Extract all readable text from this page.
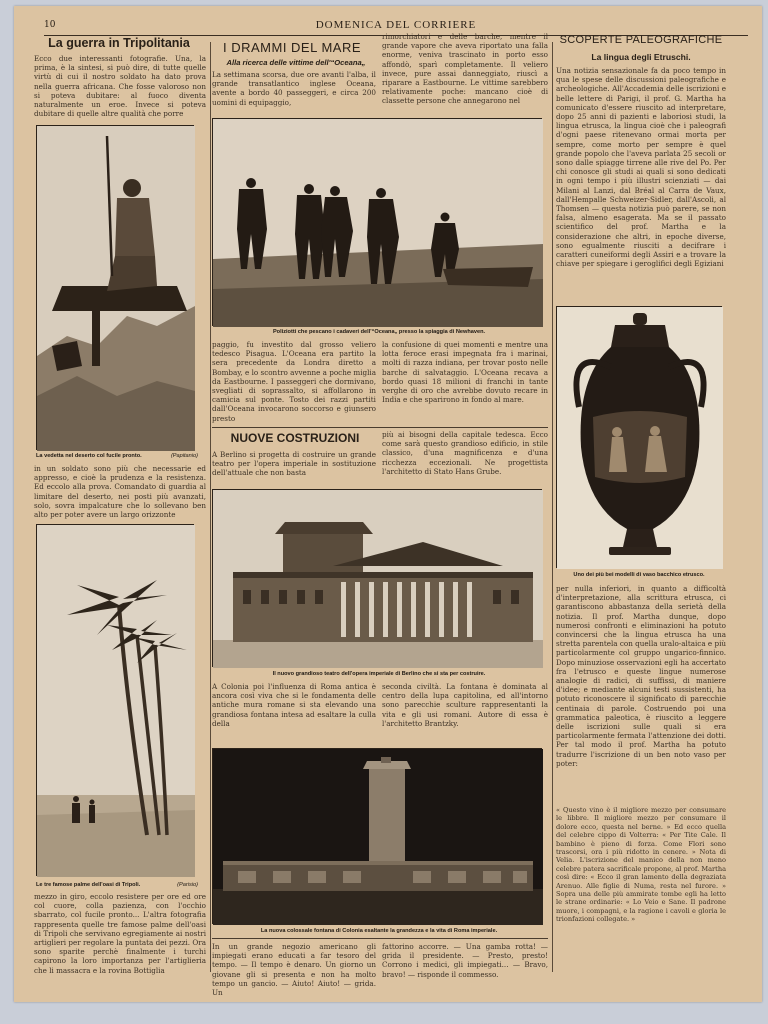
10	DOMENICA DEL CORRIERE
La guerra in Tripolitania
Ecco due interessanti fotografie. Una, la prima, è la sintesi, si può dire, di tutte quelle virtù di cui il nostro soldato ha dato prova nella guerra africana. Che fosse valoroso non si poteva dubitare: al fuoco diventa naturalmente un eroe. Invece si poteva dubitare di quelle altre qualità che porre
La vedetta nel deserto col fucile pronto.	(Papitanio)
in un soldato sono più che necessarie ed appresso, e cioè la prudenza e la resistenza. Ed eccolo alla prova. Comandato di guardia al limitare del deserto, nei posti più avanzati, solo, sovra impalcature che lo sollevano ben alto per poter avere un largo orizzonte
Le tre famose palme dell'oasi di Tripoli.	(Parisio)
mezzo in giro, eccolo resistere per ore ed ore col cuore, colla pazienza, con l'occhio sbarrato, col fucile pronto... L'altra fotografia rappresenta quelle tre famose palme dell'oasi di Tripoli che servivano egregiamente ai nostri artiglieri per regolare la puntata dei pezzi. Ora sono sparite perchè finalmente i turchi capirono la loro importanza per l'artiglieria che li massacra e la rovina Bottiglia
I DRAMMI DEL MARE
Alla ricerca delle vittime dell'“Oceana„
La settimana scorsa, due ore avanti l'alba, il grande transatlantico inglese Oceana, avente a bordo 40 passeggeri, e circa 200 uomini di equipaggio,
rimorchiatori e delle barche, mentre il grande vapore che aveva riportato una falla enorme, veniva trascinato in porto esso affondò, sparì completamente. Il veliero invece, pure assai danneggiato, riuscì a riparare a Eastbourne. Le vittime sarebbero relativamente poche: mancano cioè di classette persone che annegarono nel
Poliziotti che pescano i cadaveri dell'“Oceana„ presso la spiaggia di Newhaven.
paggio, fu investito dal grosso veliero tedesco Pisagua. L'Oceana era partito la sera precedente da Londra diretto a Bombay, e lo scontro avvenne a poche miglia da Eastbourne. I passeggeri che dormivano, svegliati di soprassalto, si affollarono in camicia sul ponte. Tosto dei razzi partiti dall'Oceana invocarono soccorso e giunsero presto
la confusione di quei momenti e mentre una lotta feroce erasi impegnata fra i marinai, molti di razza indiana, per trovar posto nelle barche di salvataggio. L'Oceana recava a bordo quasi 18 milioni di franchi in tante verghe di oro che avrebbe dovuto recare in India e che sparirono in fondo al mare.
NUOVE COSTRUZIONI
A Berlino si progetta di costruire un grande teatro per l'opera imperiale in sostituzione dell'attuale che non basta
più ai bisogni della capitale tedesca. Ecco come sarà questo grandioso edificio, in stile classico, d'una magnificenza e d'una ricchezza eccezionali. Ne progettista l'architetto di Stato Hans Grube.
Il nuovo grandioso teatro dell'opera imperiale di Berlino che si sta per costruire.
A Colonia poi l'influenza di Roma antica è ancora così viva che si le fondamenta delle antiche mura romane si sta elevando una grandiosa fontana intesa ad esaltare la culla della
seconda civiltà. La fontana è dominata al centro della lupa capitolina, ed all'intorno sono parecchie sculture rappresentanti la vita e gli usi romani. Autore di essa è l'architetto Brantzky.
La nuova colossale fontana di Colonia esaltante la grandezza e la vita di Roma imperiale.
In un grande negozio americano gli impiegati erano educati a far tesoro del tempo. — Il tempo è denaro. Un giorno un giovane gli si presenta e non ha molto tempo un gancio. — Aiuto! Aiuto! — grida. Un
fattorino accorre. — Una gamba rotta! — grida il presidente. — Presto, presto! Corrono i medici, gli impiegati... — Bravo, bravo! — risponde il commesso.
SCOPERTE PALEOGRAFICHE
La lingua degli Etruschi.
Una notizia sensazionale fa da poco tempo in qua le spese delle discussioni paleografiche e archeologiche. All'Accademia delle iscrizioni e belle lettere di Parigi, il prof. G. Martha ha comunicato d'essere riuscito ad interpretare, dopo 25 anni di pazienti e laboriosi studi, la lingua etrusca, la lingua cioè che i paleografi d'ogni paese ritenevano ormai morta per sempre, come morto per sempre è quel grande popolo che l'aveva parlata 25 secoli or sono dalle spiagge tirrene alle rive del Po. Per chi conosce gli studi ai quali si sono dedicati in ogni tempo i più illustri scienziati — dai Milani al Lanzi, dal Bréal al Carra de Vaux, dall'Hempalle Schweizer-Sidler, dall'Ascoli, al Thomsen — questa notizia può parere, se non falsa, almeno esagerata. Ma se il passato scientifico del prof. Martha e la considerazione che altri, in epoche diverse, sono egualmente riusciti a decifrare i caratteri cuneiformi degli Assiri e a trovare la chiave per spiegare i geroglifici degli Egiziani
Uno dei più bei modelli di vaso bacchico etrusco.
per nulla inferiori, in quanto a difficoltà d'interpretazione, alla scrittura etrusca, ci garantiscono abbastanza della serietà della notizia. Il prof. Martha dunque, dopo numerosi confronti e eliminazioni ha potuto convincersi che la lingua etrusca ha una stretta parentela con quella uralo-altaica e più particolarmente col gruppo ungarico-finnico. Dopo minuziose osservazioni egli ha accertato fra l'etrusco e queste lingue numerose analogie di radici, di suffissi, di maniere d'idee; e mediante alcuni testi sussistenti, ha potuto riconoscere il significato di parecchie centinaia di parole. Costruendo poi una grammatica paleotica, è riuscito a leggere delle iscrizioni sulle quali si era particolarmente fermata l'attenzione dei dotti. Per tal modo il prof. Martha ha potuto tradurre l'iscrizione di un ben noto vaso per poter:
« Questo vino è il migliore mezzo per consumare le libbre. Il migliore mezzo per consumare il dolore ecco, questa nel berne. » Ed ecco quella del celebre cippo di Volterra: « Per Tite Cale. Il bambino è pieno di forza. Come Flori sono trascorsi, ora i più ridotto in cenere. » Nota di Velia. L'iscrizione del manico della non meno celebre patera sacrificale propone, al prof. Martha così dire: « Ecco il gran lamento della degraziata Arenuo. Alle figlie di Numa, resta nel furore. » Sopra una delle più ammirate tombe egli ha letto le strane ordinarie: « Lo Veio e Sane. Il padrone muore, i compagni, e la ragione i cavoli e gloria le trionfazioni collegate. »
